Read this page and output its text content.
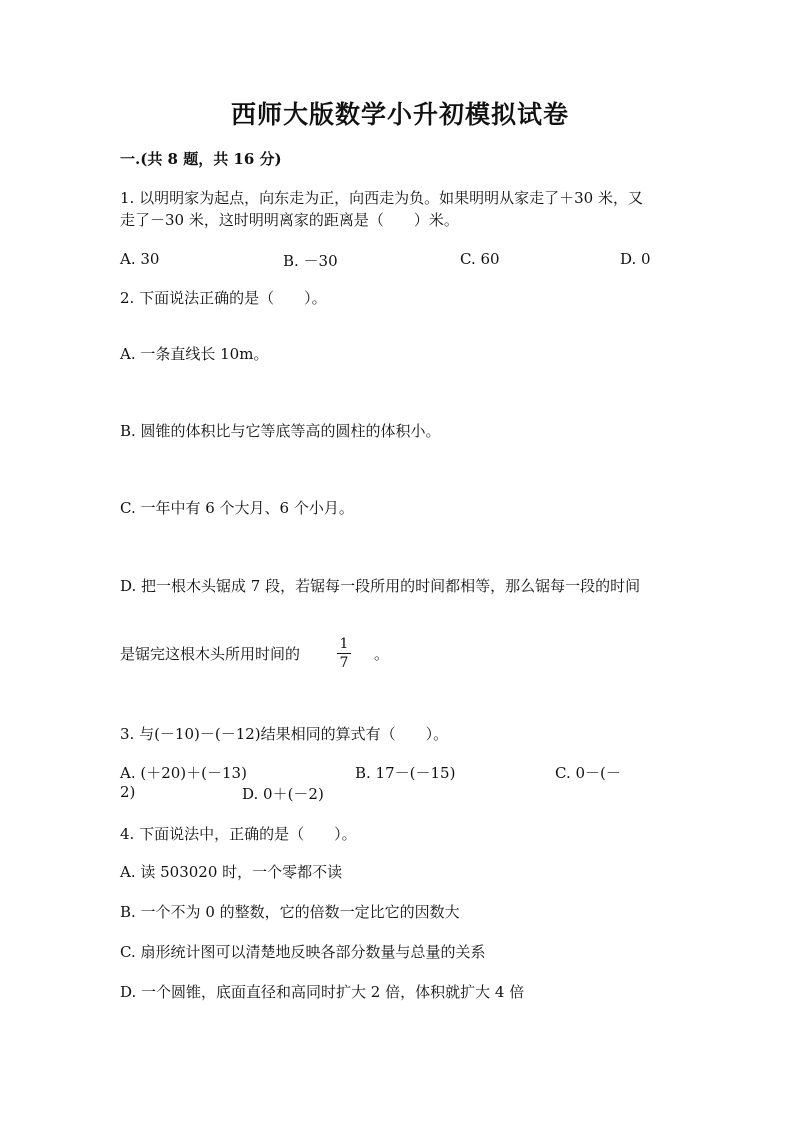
西师大版数学小升初模拟试卷
一.(共 8 题，共 16 分)
1. 以明明家为起点，向东走为正，向西走为负。如果明明从家走了＋30 米，又
走了－30 米，这时明明离家的距离是（　　）米。
A. 30	B. －30	C. 60	D. 0
2. 下面说法正确的是（　　）。
A. 一条直线长 10m。
B. 圆锥的体积比与它等底等高的圆柱的体积小。
C. 一年中有 6 个大月、6 个小月。
D. 把一根木头锯成 7 段，若锯每一段所用的时间都相等，那么锯每一段的时间
是锯完这根木头所用时间的
1
7 。
3. 与(－10)－(－12)结果相同的算式有（　　）。
A. (＋20)＋(－13)	B. 17－(－15)	C. 0－(－
2)	D. 0＋(－2)
4. 下面说法中，正确的是（　　）。
A. 读 503020 时，一个零都不读
B. 一个不为 0 的整数，它的倍数一定比它的因数大
C. 扇形统计图可以清楚地反映各部分数量与总量的关系
D. 一个圆锥，底面直径和高同时扩大 2 倍，体积就扩大 4 倍
